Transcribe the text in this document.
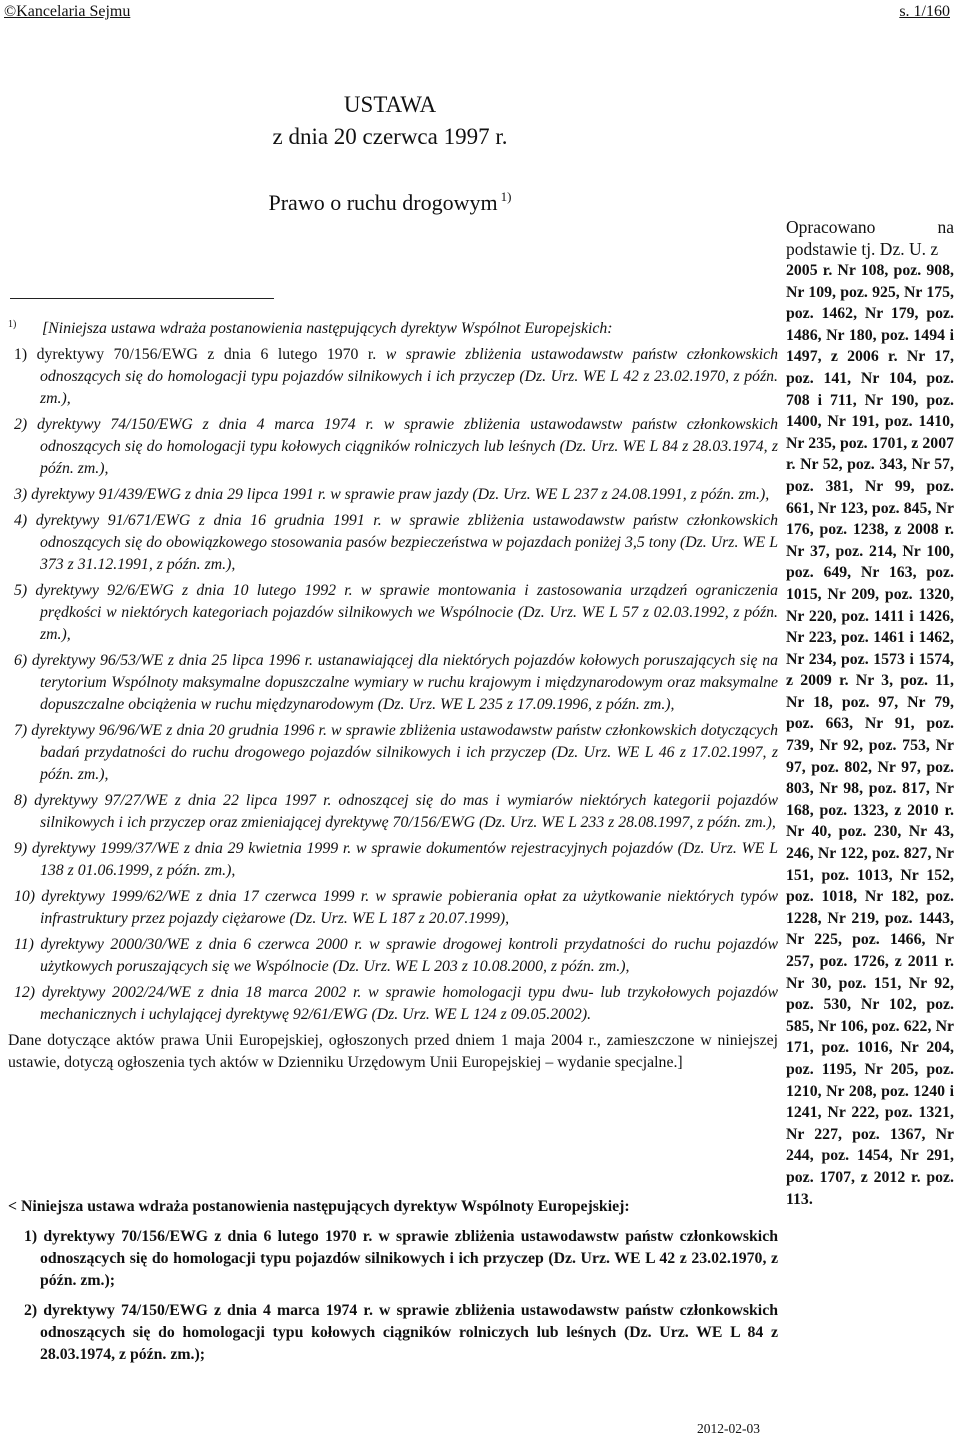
©Kancelaria Sejmu	s. 1/160
USTAWA
z dnia 20 czerwca 1997 r.
Prawo o ruchu drogowym $^{1)}$

1) [Niniejsza ustawa wdraża postanowienia następujących dyrektyw Wspólnot Europejskich:

1) dyrektywy 70/156/EWG z dnia 6 lutego 1970 r. w sprawie zbliżenia ustawodawstw państw członkowskich odnoszących się do homologacji typu pojazdów silnikowych i ich przyczep (Dz. Urz. WE L 42 z 23.02.1970, z późn. zm.),
2) dyrektywy 74/150/EWG z dnia 4 marca 1974 r. w sprawie zbliżenia ustawodawstw państw członkowskich odnoszących się do homologacji typu kołowych ciągników rolniczych lub leśnych (Dz. Urz. WE L 84 z 28.03.1974, z późn. zm.),
3) dyrektywy 91/439/EWG z dnia 29 lipca 1991 r. w sprawie praw jazdy (Dz. Urz. WE L 237 z 24.08.1991, z późn. zm.),
4) dyrektywy 91/671/EWG z dnia 16 grudnia 1991 r. w sprawie zbliżenia ustawodawstw państw członkowskich odnoszących się do obowiązkowego stosowania pasów bezpieczeństwa w pojazdach poniżej 3,5 tony (Dz. Urz. WE L 373 z 31.12.1991, z późn. zm.),
5) dyrektywy 92/6/EWG z dnia 10 lutego 1992 r. w sprawie montowania i zastosowania urządzeń ograniczenia prędkości w niektórych kategoriach pojazdów silnikowych we Wspólnocie (Dz. Urz. WE L 57 z 02.03.1992, z późn. zm.),
6) dyrektywy 96/53/WE z dnia 25 lipca 1996 r. ustanawiającej dla niektórych pojazdów kołowych poruszających się na terytorium Wspólnoty maksymalne dopuszczalne wymiary w ruchu krajowym i międzynarodowym oraz maksymalne dopuszczalne obciążenia w ruchu międzynarodowym (Dz. Urz. WE L 235 z 17.09.1996, z późn. zm.),
7) dyrektywy 96/96/WE z dnia 20 grudnia 1996 r. w sprawie zbliżenia ustawodawstw państw członkowskich dotyczących badań przydatności do ruchu drogowego pojazdów silnikowych i ich przyczep (Dz. Urz. WE L 46 z 17.02.1997, z późn. zm.),
8) dyrektywy 97/27/WE z dnia 22 lipca 1997 r. odnoszącej się do mas i wymiarów niektórych kategorii pojazdów silnikowych i ich przyczep oraz zmieniającej dyrektywę 70/156/EWG (Dz. Urz. WE L 233 z 28.08.1997, z późn. zm.),
9) dyrektywy 1999/37/WE z dnia 29 kwietnia 1999 r. w sprawie dokumentów rejestracyjnych pojazdów (Dz. Urz. WE L 138 z 01.06.1999, z późn. zm.),
10) dyrektywy 1999/62/WE z dnia 17 czerwca 1999 r. w sprawie pobierania opłat za użytkowanie niektórych typów infrastruktury przez pojazdy ciężarowe (Dz. Urz. WE L 187 z 20.07.1999),
11) dyrektywy 2000/30/WE z dnia 6 czerwca 2000 r. w sprawie drogowej kontroli przydatności do ruchu pojazdów użytkowych poruszających się we Wspólnocie (Dz. Urz. WE L 203 z 10.08.2000, z późn. zm.),
12) dyrektywy 2002/24/WE z dnia 18 marca 2002 r. w sprawie homologacji typu dwu- lub trzykołowych pojazdów mechanicznych i uchylającej dyrektywę 92/61/EWG (Dz. Urz. WE L 124 z 09.05.2002).

Dane dotyczące aktów prawa Unii Europejskiej, ogłoszonych przed dniem 1 maja 2004 r., zamieszczone w niniejszej ustawie, dotyczą ogłoszenia tych aktów w Dzienniku Urzędowym Unii Europejskiej – wydanie specjalne.]

< Niniejsza ustawa wdraża postanowienia następujących dyrektyw Wspólnoty Europejskiej:

1) dyrektywy 70/156/EWG z dnia 6 lutego 1970 r. w sprawie zbliżenia ustawodawstw państw członkowskich odnoszących się do homologacji typu pojazdów silnikowych i ich przyczep (Dz. Urz. WE L 42 z 23.02.1970, z późn. zm.);
2) dyrektywy 74/150/EWG z dnia 4 marca 1974 r. w sprawie zbliżenia ustawodawstw państw członkowskich odnoszących się do homologacji typu kołowych ciągników rolniczych lub leśnych (Dz. Urz. WE L 84 z 28.03.1974, z późn. zm.);
Opracowano na podstawie tj. Dz. U. z
2005 r. Nr 108, poz. 908, Nr 109, poz. 925, Nr 175, poz. 1462, Nr 179, poz. 1486, Nr 180, poz. 1494 i 1497, z 2006 r. Nr 17, poz. 141, Nr 104, poz. 708 i 711, Nr 190, poz. 1400, Nr 191, poz. 1410, Nr 235, poz. 1701, z 2007 r. Nr 52, poz. 343, Nr 57, poz. 381, Nr 99, poz. 661, Nr 123, poz. 845, Nr 176, poz. 1238, z 2008 r. Nr 37, poz. 214, Nr 100, poz. 649, Nr 163, poz. 1015, Nr 209, poz. 1320, Nr 220, poz. 1411 i 1426, Nr 223, poz. 1461 i 1462, Nr 234, poz. 1573 i 1574, z 2009 r. Nr 3, poz. 11, Nr 18, poz. 97, Nr 79, poz. 663, Nr 91, poz. 739, Nr 92, poz. 753, Nr 97, poz. 802, Nr 97, poz. 803, Nr 98, poz. 817, Nr 168, poz. 1323, z 2010 r. Nr 40, poz. 230, Nr 43, 246, Nr 122, poz. 827, Nr 151, poz. 1013, Nr 152, poz. 1018, Nr 182, poz. 1228, Nr 219, poz. 1443, Nr 225, poz. 1466, Nr 257, poz. 1726, z 2011 r. Nr 30, poz. 151, Nr 92, poz. 530, Nr 102, poz. 585, Nr 106, poz. 622, Nr 171, poz. 1016, Nr 204, poz. 1195, Nr 205, poz. 1210, Nr 208, poz. 1240 i 1241, Nr 222, poz. 1321, Nr 227, poz. 1367, Nr 244, poz. 1454, Nr 291, poz. 1707, z 2012 r. poz. 113.
2012-02-03
